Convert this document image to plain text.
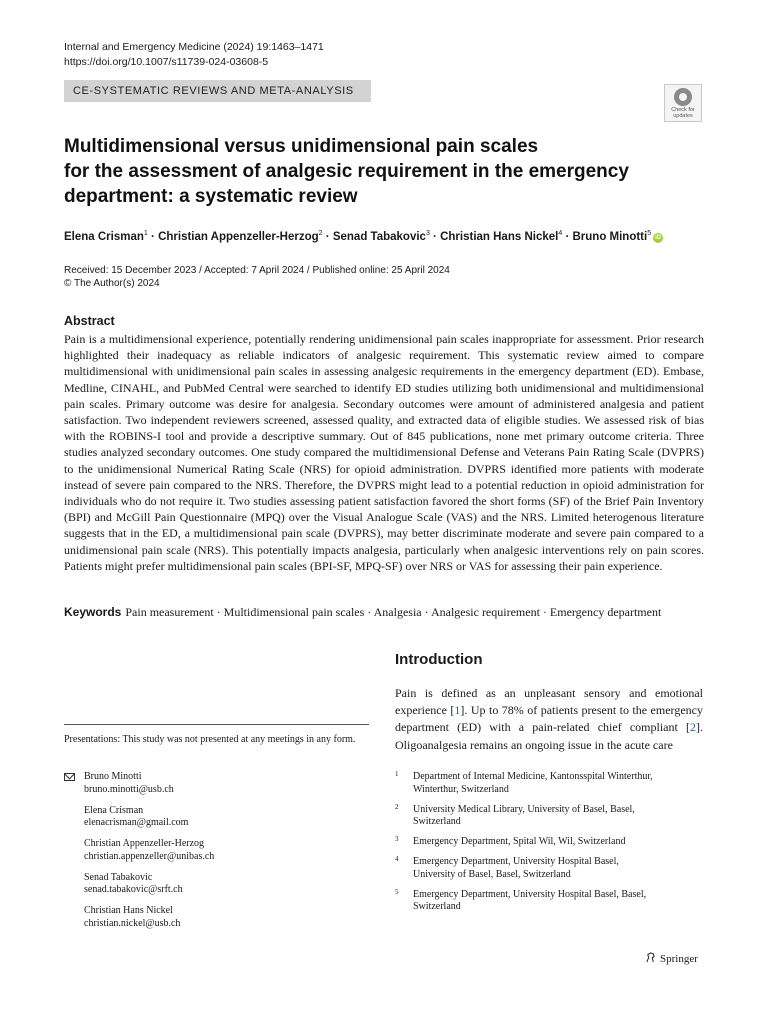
Internal and Emergency Medicine (2024) 19:1463–1471
https://doi.org/10.1007/s11739-024-03608-5
CE-SYSTEMATIC REVIEWS AND META-ANALYSIS
Check for
updates
Multidimensional versus unidimensional pain scales
for the assessment of analgesic requirement in the emergency
department: a systematic review
Elena Crisman$^1$ · Christian Appenzeller-Herzog$^2$ · Senad Tabakovic$^3$ · Christian Hans Nickel$^4$ · Bruno Minotti$^5$iD
Received: 15 December 2023 / Accepted: 7 April 2024 / Published online: 25 April 2024
© The Author(s) 2024
Abstract
Pain is a multidimensional experience, potentially rendering unidimensional pain scales inappropriate for assessment. Prior research highlighted their inadequacy as reliable indicators of analgesic requirement. This systematic review aimed to compare multidimensional with unidimensional pain scales in assessing analgesic requirements in the emergency department (ED). Embase, Medline, CINAHL, and PubMed Central were searched to identify ED studies utilizing both unidimensional and multidimensional pain scales. Primary outcome was desire for analgesia. Secondary outcomes were amount of administered analgesia and patient satisfaction. Two independent reviewers screened, assessed quality, and extracted data of eligible studies. We assessed risk of bias with the ROBINS-I tool and provide a descriptive summary. Out of 845 publications, none met primary outcome criteria. Three studies analyzed secondary outcomes. One study compared the multidimensional Defense and Veterans Pain Rating Scale (DVPRS) to the unidimensional Numerical Rating Scale (NRS) for opioid administration. DVPRS identified more patients with moderate instead of severe pain compared to the NRS. Therefore, the DVPRS might lead to a potential reduction in opioid administration for individuals who do not require it. Two studies assessing patient satisfaction favored the short forms (SF) of the Brief Pain Inventory (BPI) and McGill Pain Questionnaire (MPQ) over the Visual Analogue Scale (VAS) and the NRS. Limited heterogenous literature suggests that in the ED, a multidimensional pain scale (DVPRS), may better discriminate moderate and severe pain compared to a unidimensional pain scale (NRS). This potentially impacts analgesia, particularly when analgesic interventions rely on pain scores. Patients might prefer multidimensional pain scales (BPI-SF, MPQ-SF) over NRS or VAS for assessing their pain experience.
Keywords Pain measurement · Multidimensional pain scales · Analgesia · Analgesic requirement · Emergency department
Introduction
Pain is defined as an unpleasant sensory and emotional experience [1]. Up to 78% of patients present to the emergency department (ED) with a pain-related chief compliant [2]. Oligoanalgesia remains an ongoing issue in the acute care
Presentations: This study was not presented at any meetings in any form.
Bruno Minotti
bruno.minotti@usb.ch
Elena Crisman
elenacrisman@gmail.com
Christian Appenzeller-Herzog
christian.appenzeller@unibas.ch
Senad Tabakovic
senad.tabakovic@srft.ch
Christian Hans Nickel
christian.nickel@usb.ch
1 Department of Internal Medicine, Kantonsspital Winterthur,
Winterthur, Switzerland
2 University Medical Library, University of Basel, Basel,
Switzerland
3 Emergency Department, Spital Wil, Wil, Switzerland
4 Emergency Department, University Hospital Basel,
University of Basel, Basel, Switzerland
5 Emergency Department, University Hospital Basel, Basel,
Switzerland
Springer
